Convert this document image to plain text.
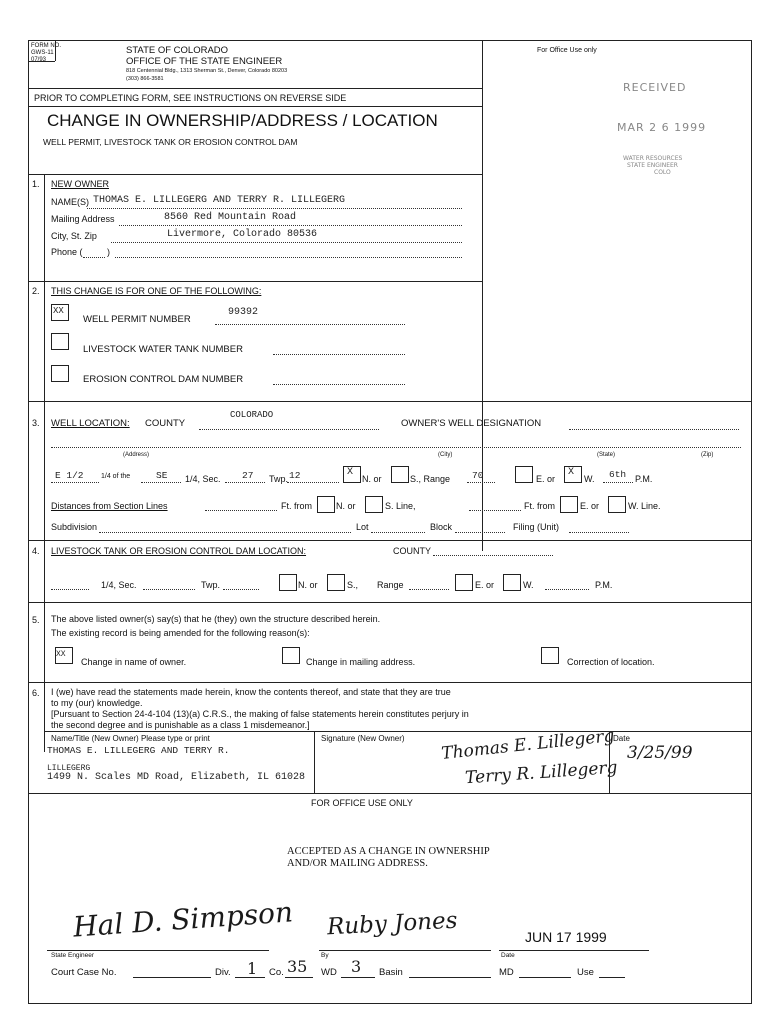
FORM NO.
GWS-11
07/93
STATE OF COLORADO
OFFICE OF THE STATE ENGINEER
818 Centennial Bldg., 1313 Sherman St., Denver, Colorado 80203
(303) 866-3581
For Office Use only
PRIOR TO COMPLETING FORM, SEE INSTRUCTIONS ON REVERSE SIDE
CHANGE IN OWNERSHIP/ADDRESS / LOCATION
WELL PERMIT, LIVESTOCK TANK OR EROSION CONTROL DAM
RECEIVED
MAR 2 6 1999
WATER RESOURCES
STATE ENGINEER
COLO
1. NEW OWNER
NAME(S) THOMAS E. LILLEGERG AND TERRY R. LILLEGERG
Mailing Address	8560 Red Mountain Road
City, St. Zip	Livermore, Colorado 80536
Phone (	)
2. THIS CHANGE IS FOR ONE OF THE FOLLOWING:
XX
WELL PERMIT NUMBER
99392
LIVESTOCK WATER TANK NUMBER
EROSION CONTROL DAM NUMBER
3. WELL LOCATION: COUNTY
COLORADO
OWNER'S WELL DESIGNATION
(Address)	(City)	(State)	(Zip)
E 1/2 1/4 of the	SE 1/4, Sec. 27 Twp. 12	X
N. or	S., Range 70	E. or
X
W. 6th P.M.
Distances from Section Lines	Ft. from	N. or	S. Line,	Ft. from	E. or	W. Line.
Subdivision	Lot	Block	Filing (Unit)
4. LIVESTOCK TANK OR EROSION CONTROL DAM LOCATION:	COUNTY
1/4, Sec.	Twp.	N. or	S., Range	E. or	W.	P.M.
5. The above listed owner(s) say(s) that he (they) own the structure described herein.
The existing record is being amended for the following reason(s):
XX
Change in name of owner.	Change in mailing address.	Correction of location.
6. I (we) have read the statements made herein, know the contents thereof, and state that they are true
to my (our) knowledge.
[Pursuant to Section 24-4-104 (13)(a) C.R.S., the making of false statements herein constitutes perjury in
the second degree and is punishable as a class 1 misdemeanor.]
Name/Title (New Owner) Please type or print
THOMAS E. LILLEGERG AND TERRY R.
LILLEGERG
1499 N. Scales MD Road, Elizabeth, IL 61028
Signature (New Owner) Thomas E. Lillegerg
Terry R. Lillegerg
Date
3/25/99
FOR OFFICE USE ONLY
ACCEPTED AS A CHANGE IN OWNERSHIP
AND/OR MAILING ADDRESS.
Hal D. Simpson
State Engineer
Ruby Jones
By
JUN 17 1999
Date
Court Case No.	Div. 1 Co. 35 WD 3 Basin	MD	Use
